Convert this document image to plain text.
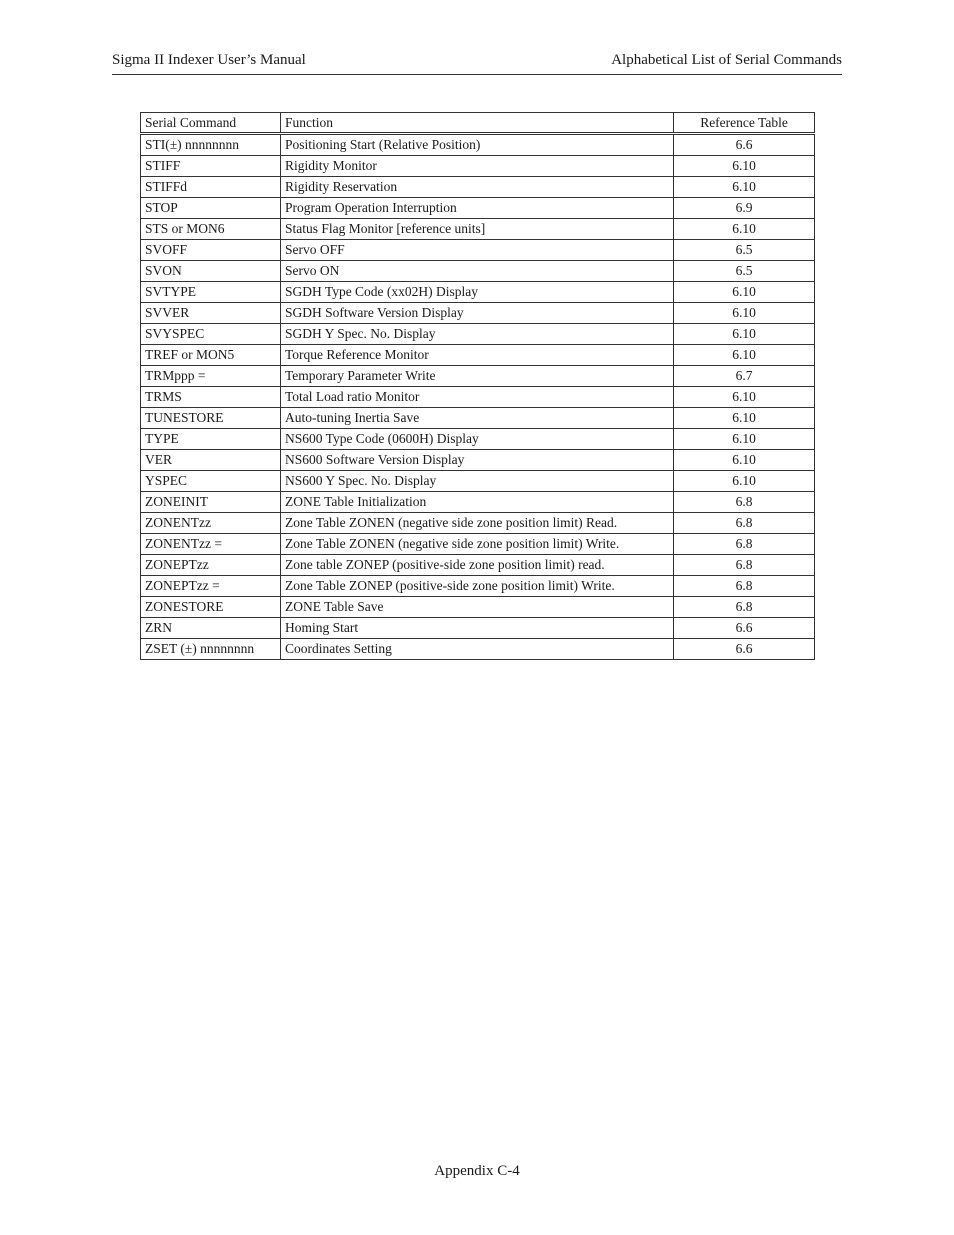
Sigma II Indexer User’s Manual	Alphabetical List of Serial Commands
Serial Command	Function	Reference Table
STI(±) nnnnnnnn	Positioning Start (Relative Position)	6.6
STIFF	Rigidity Monitor	6.10
STIFFd	Rigidity Reservation	6.10
STOP	Program Operation Interruption	6.9
STS or MON6	Status Flag Monitor [reference units]	6.10
SVOFF	Servo OFF	6.5
SVON	Servo ON	6.5
SVTYPE	SGDH Type Code (xx02H) Display	6.10
SVVER	SGDH Software Version Display	6.10
SVYSPEC	SGDH Y Spec. No. Display	6.10
TREF or MON5	Torque Reference Monitor	6.10
TRMppp =	Temporary Parameter Write	6.7
TRMS	Total Load ratio Monitor	6.10
TUNESTORE	Auto-tuning Inertia Save	6.10
TYPE	NS600 Type Code (0600H) Display	6.10
VER	NS600 Software Version Display	6.10
YSPEC	NS600 Y Spec. No. Display	6.10
ZONEINIT	ZONE Table Initialization	6.8
ZONENTzz	Zone Table ZONEN (negative side zone position limit) Read.	6.8
ZONENTzz =	Zone Table ZONEN (negative side zone position limit) Write.	6.8
ZONEPTzz	Zone table ZONEP (positive-side zone position limit) read.	6.8
ZONEPTzz =	Zone Table ZONEP (positive-side zone position limit) Write.	6.8
ZONESTORE	ZONE Table Save	6.8
ZRN	Homing Start	6.6
ZSET (±) nnnnnnnn	Coordinates Setting	6.6
Appendix C-4
